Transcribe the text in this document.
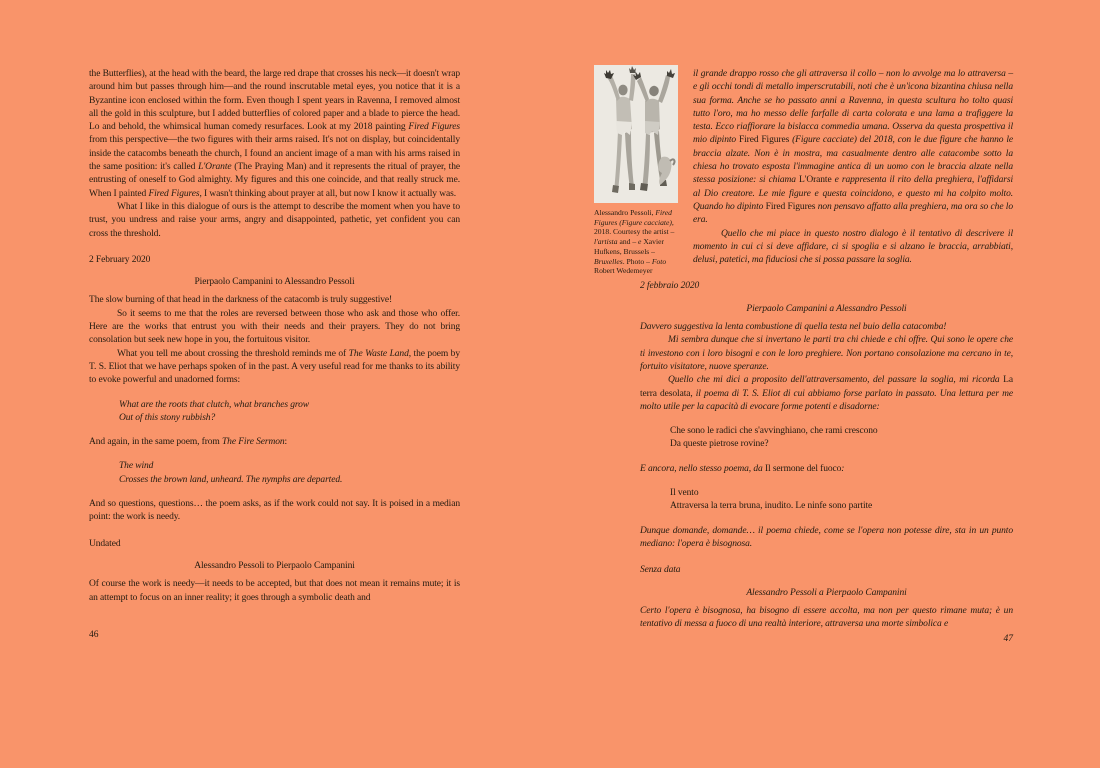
the Butterflies), at the head with the beard, the large red drape that crosses his neck—it doesn't wrap around him but passes through him—and the round inscrutable metal eyes, you notice that it is a Byzantine icon enclosed within the form. Even though I spent years in Ravenna, I removed almost all the gold in this sculpture, but I added butterflies of colored paper and a blade to pierce the head. Lo and behold, the whimsical human comedy resurfaces. Look at my 2018 painting Fired Figures from this perspective—the two figures with their arms raised. It's not on display, but coincidentally inside the catacombs beneath the church, I found an ancient image of a man with his arms raised in the same position: it's called L'Orante (The Praying Man) and it represents the ritual of prayer, the entrusting of oneself to God almighty. My figures and this one coincide, and that really struck me. When I painted Fired Figures, I wasn't thinking about prayer at all, but now I know it actually was.

What I like in this dialogue of ours is the attempt to describe the moment when you have to trust, you undress and raise your arms, angry and disappointed, pathetic, yet confident you can cross the threshold.

2 February 2020

Pierpaolo Campanini to Alessandro Pessoli

The slow burning of that head in the darkness of the catacomb is truly suggestive!

So it seems to me that the roles are reversed between those who ask and those who offer. Here are the works that entrust you with their needs and their prayers. They do not bring consolation but seek new hope in you, the fortuitous visitor.

What you tell me about crossing the threshold reminds me of The Waste Land, the poem by T. S. Eliot that we have perhaps spoken of in the past. A very useful read for me thanks to its ability to evoke powerful and unadorned forms:

What are the roots that clutch, what branches grow
Out of this stony rubbish?

And again, in the same poem, from The Fire Sermon:

The wind
Crosses the brown land, unheard. The nymphs are departed.

And so questions, questions… the poem asks, as if the work could not say. It is poised in a median point: the work is needy.

Undated

Alessandro Pessoli to Pierpaolo Campanini

Of course the work is needy—it needs to be accepted, but that does not mean it remains mute; it is an attempt to focus on an inner reality; it goes through a symbolic death and

46
Alessandro Pessoli, Fired Figures (Figure cacciate), 2018. Courtesy the artist – l'artista and – e Xavier Hufkens, Brussels – Bruxelles. Photo – Foto Robert Wedemeyer

il grande drappo rosso che gli attraversa il collo – non lo avvolge ma lo attraversa – e gli occhi tondi di metallo imperscrutabili, noti che è un'icona bizantina chiusa nella sua forma. Anche se ho passato anni a Ravenna, in questa scultura ho tolto quasi tutto l'oro, ma ho messo delle farfalle di carta colorata e una lama a trafiggere la testa. Ecco riaffiorare la bislacca commedia umana. Osserva da questa prospettiva il mio dipinto Fired Figures (Figure cacciate) del 2018, con le due figure che hanno le braccia alzate. Non è in mostra, ma casualmente dentro alle catacombe sotto la chiesa ho trovato esposta l'immagine antica di un uomo con le braccia alzate nella stessa posizione: si chiama L'Orante e rappresenta il rito della preghiera, l'affidarsi al Dio creatore. Le mie figure e questa coincidono, e questo mi ha colpito molto. Quando ho dipinto Fired Figures non pensavo affatto alla preghiera, ma ora so che lo era.

Quello che mi piace in questo nostro dialogo è il tentativo di descrivere il momento in cui ci si deve affidare, ci si spoglia e si alzano le braccia, arrabbiati, delusi, patetici, ma fiduciosi che si possa passare la soglia.

2 febbraio 2020

Pierpaolo Campanini a Alessandro Pessoli

Davvero suggestiva la lenta combustione di quella testa nel buio della catacomba!

Mi sembra dunque che si invertano le parti tra chi chiede e chi offre. Qui sono le opere che ti investono con i loro bisogni e con le loro preghiere. Non portano consolazione ma cercano in te, fortuito visitatore, nuove speranze.

Quello che mi dici a proposito dell'attraversamento, del passare la soglia, mi ricorda La terra desolata, il poema di T. S. Eliot di cui abbiamo forse parlato in passato. Una lettura per me molto utile per la capacità di evocare forme potenti e disadorne:

Che sono le radici che s'avvinghiano, che rami crescono
Da queste pietrose rovine?

E ancora, nello stesso poema, da Il sermone del fuoco:

Il vento
Attraversa la terra bruna, inudito. Le ninfe sono partite

Dunque domande, domande… il poema chiede, come se l'opera non potesse dire, sta in un punto mediano: l'opera è bisognosa.

Senza data

Alessandro Pessoli a Pierpaolo Campanini

Certo l'opera è bisognosa, ha bisogno di essere accolta, ma non per questo rimane muta; è un tentativo di messa a fuoco di una realtà interiore, attraversa una morte simbolica e

47
